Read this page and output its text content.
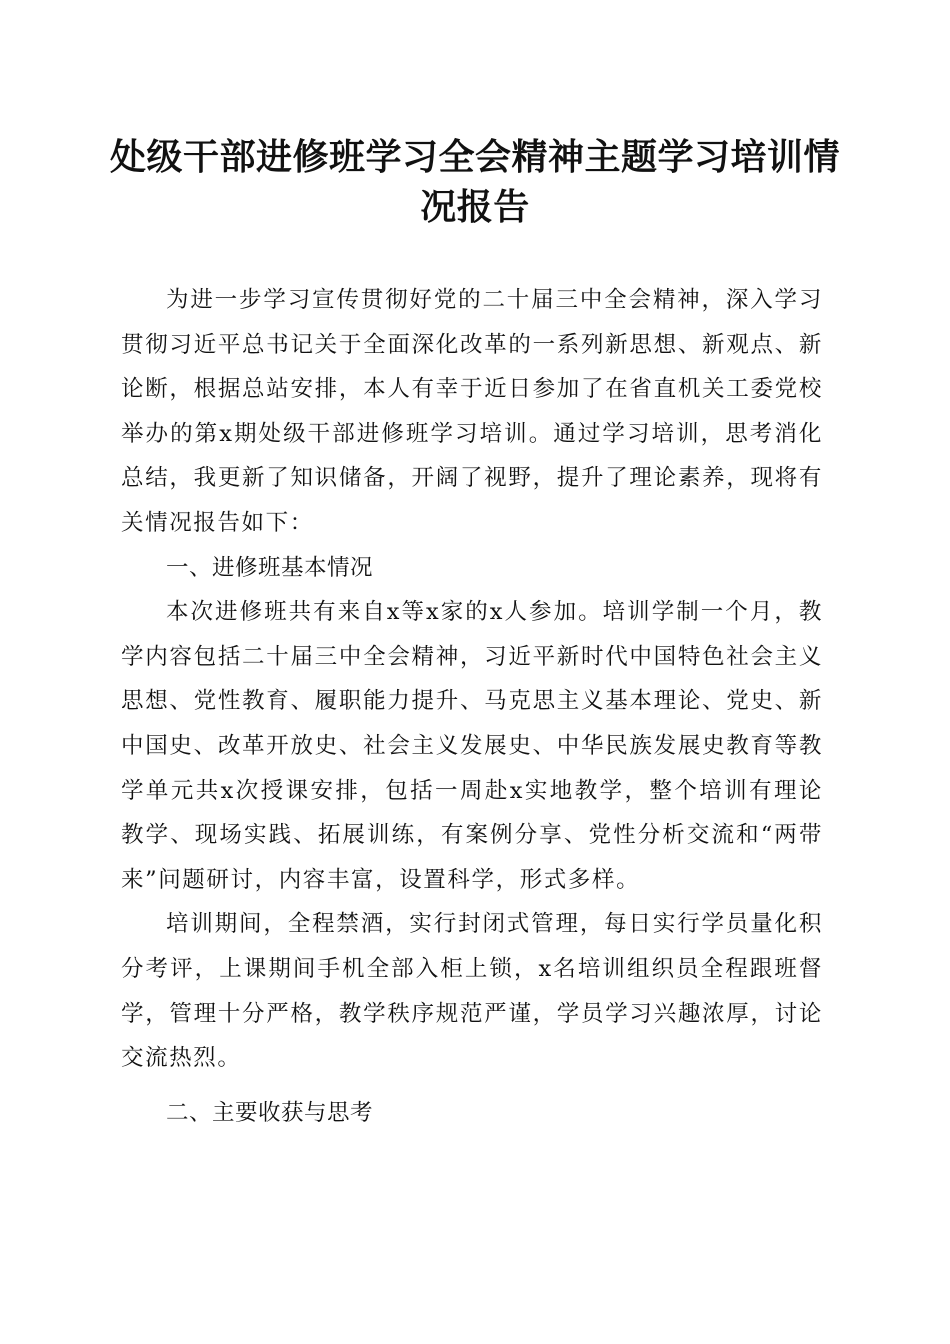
处级干部进修班学习全会精神主题学习培训情况报告

为进一步学习宣传贯彻好党的二十届三中全会精神，深入学习贯彻习近平总书记关于全面深化改革的一系列新思想、新观点、新论断，根据总站安排，本人有幸于近日参加了在省直机关工委党校举办的第x期处级干部进修班学习培训。通过学习培训，思考消化总结，我更新了知识储备，开阔了视野，提升了理论素养，现将有关情况报告如下：

一、进修班基本情况

本次进修班共有来自x等x家的x人参加。培训学制一个月，教学内容包括二十届三中全会精神，习近平新时代中国特色社会主义思想、党性教育、履职能力提升、马克思主义基本理论、党史、新中国史、改革开放史、社会主义发展史、中华民族发展史教育等教学单元共x次授课安排，包括一周赴x实地教学，整个培训有理论教学、现场实践、拓展训练，有案例分享、党性分析交流和“两带来”问题研讨，内容丰富，设置科学，形式多样。

培训期间，全程禁酒，实行封闭式管理，每日实行学员量化积分考评，上课期间手机全部入柜上锁，x名培训组织员全程跟班督学，管理十分严格，教学秩序规范严谨，学员学习兴趣浓厚，讨论交流热烈。

二、主要收获与思考
